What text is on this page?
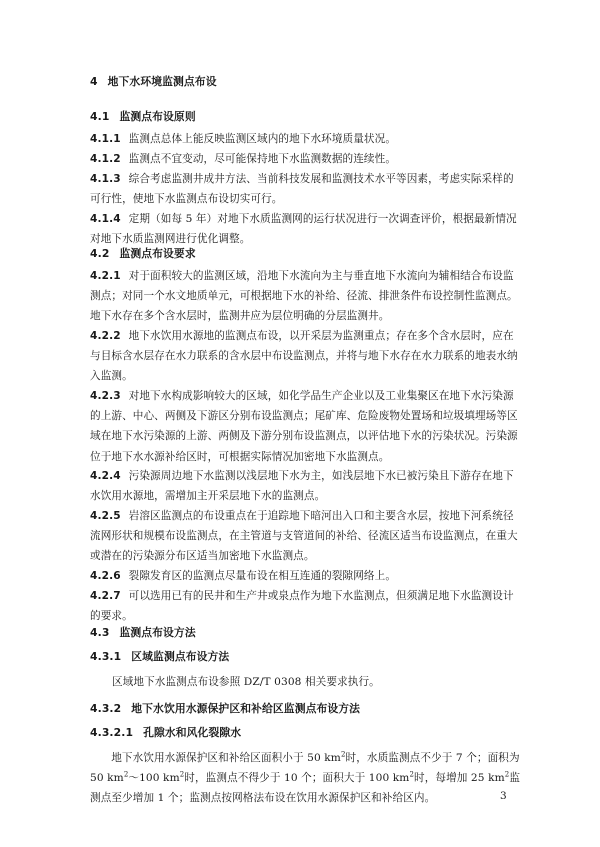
4 地下水环境监测点布设
4.1 监测点布设原则
4.1.1 监测点总体上能反映监测区域内的地下水环境质量状况。
4.1.2 监测点不宜变动，尽可能保持地下水监测数据的连续性。
4.1.3 综合考虑监测井成井方法、当前科技发展和监测技术水平等因素，考虑实际采样的可行性，使地下水监测点布设切实可行。
4.1.4 定期（如每 5 年）对地下水质监测网的运行状况进行一次调查评价，根据最新情况对地下水质监测网进行优化调整。
4.2 监测点布设要求
4.2.1 对于面积较大的监测区域，沿地下水流向为主与垂直地下水流向为辅相结合布设监测点；对同一个水文地质单元，可根据地下水的补给、径流、排泄条件布设控制性监测点。地下水存在多个含水层时，监测井应为层位明确的分层监测井。
4.2.2 地下水饮用水源地的监测点布设，以开采层为监测重点；存在多个含水层时，应在与目标含水层存在水力联系的含水层中布设监测点，并将与地下水存在水力联系的地表水纳入监测。
4.2.3 对地下水构成影响较大的区域，如化学品生产企业以及工业集聚区在地下水污染源的上游、中心、两侧及下游区分别布设监测点；尾矿库、危险废物处置场和垃圾填埋场等区域在地下水污染源的上游、两侧及下游分别布设监测点，以评估地下水的污染状况。污染源位于地下水水源补给区时，可根据实际情况加密地下水监测点。
4.2.4 污染源周边地下水监测以浅层地下水为主，如浅层地下水已被污染且下游存在地下水饮用水源地，需增加主开采层地下水的监测点。
4.2.5 岩溶区监测点的布设重点在于追踪地下暗河出入口和主要含水层，按地下河系统径流网形状和规模布设监测点，在主管道与支管道间的补给、径流区适当布设监测点，在重大或潜在的污染源分布区适当加密地下水监测点。
4.2.6 裂隙发育区的监测点尽量布设在相互连通的裂隙网络上。
4.2.7 可以选用已有的民井和生产井或泉点作为地下水监测点，但须满足地下水监测设计的要求。
4.3 监测点布设方法
4.3.1 区域监测点布设方法
区域地下水监测点布设参照 DZ/T 0308 相关要求执行。
4.3.2 地下水饮用水源保护区和补给区监测点布设方法
4.3.2.1 孔隙水和风化裂隙水
地下水饮用水源保护区和补给区面积小于 50 $km^2$时，水质监测点不少于 7 个；面积为 50 $km^2\sim 100$ $km^2$时，监测点不得少于 10 个；面积大于 100 $km^2$时，每增加 25 $km^2$监测点至少增加 1 个；监测点按网格法布设在饮用水源保护区和补给区内。	3
